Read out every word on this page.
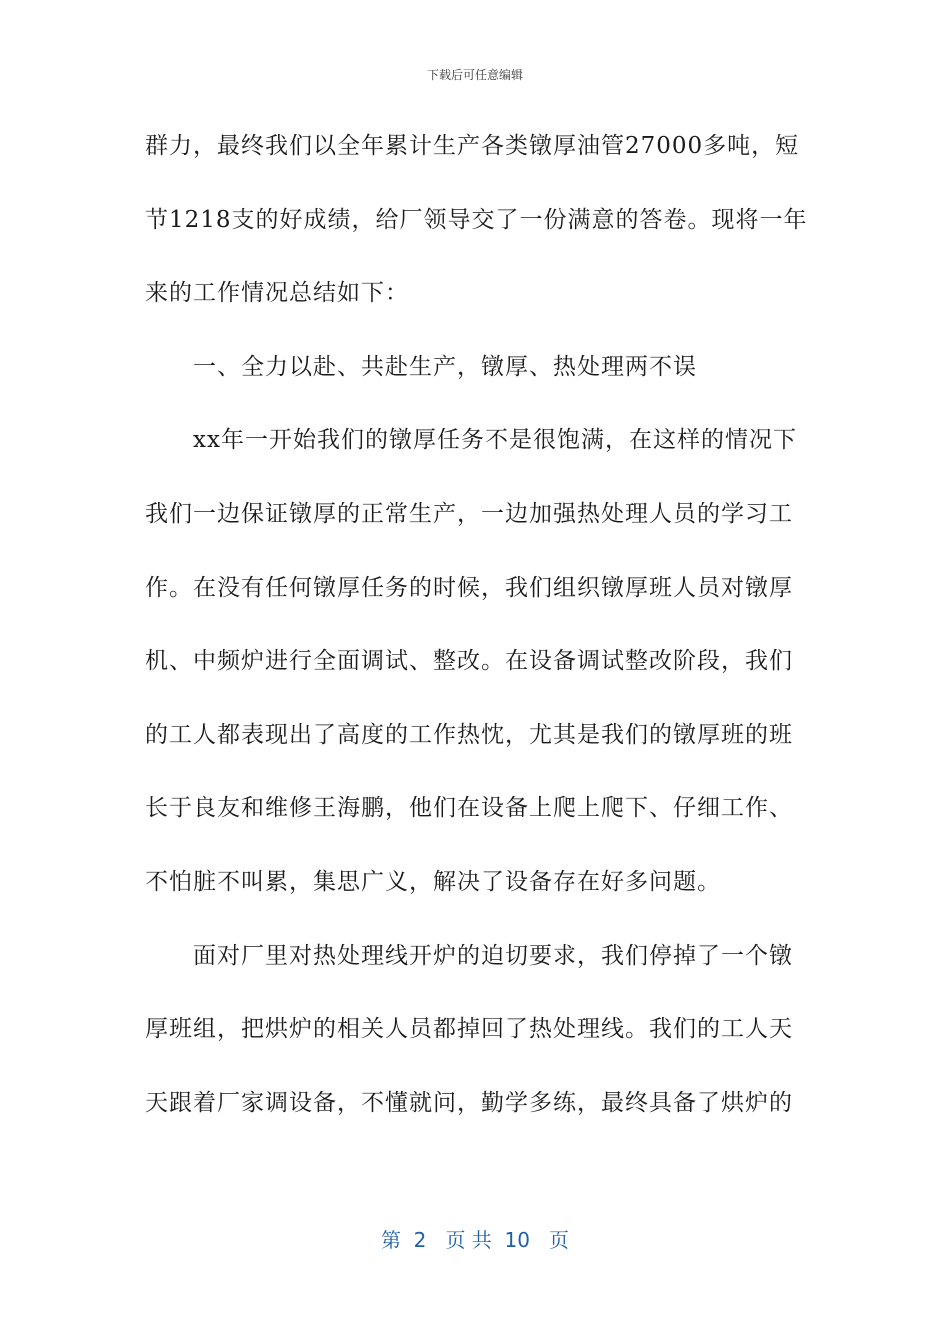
下载后可任意编辑
群力，最终我们以全年累计生产各类镦厚油管27000多吨，短
节1218支的好成绩，给厂领导交了一份满意的答卷。现将一年
来的工作情况总结如下：
一、全力以赴、共赴生产，镦厚、热处理两不误
xx年一开始我们的镦厚任务不是很饱满，在这样的情况下
我们一边保证镦厚的正常生产，一边加强热处理人员的学习工
作。在没有任何镦厚任务的时候，我们组织镦厚班人员对镦厚
机、中频炉进行全面调试、整改。在设备调试整改阶段，我们
的工人都表现出了高度的工作热忱，尤其是我们的镦厚班的班
长于良友和维修王海鹏，他们在设备上爬上爬下、仔细工作、
不怕脏不叫累，集思广义，解决了设备存在好多问题。
面对厂里对热处理线开炉的迫切要求，我们停掉了一个镦
厚班组，把烘炉的相关人员都掉回了热处理线。我们的工人天
天跟着厂家调设备，不懂就问，勤学多练，最终具备了烘炉的
第  2   页 共  10   页
